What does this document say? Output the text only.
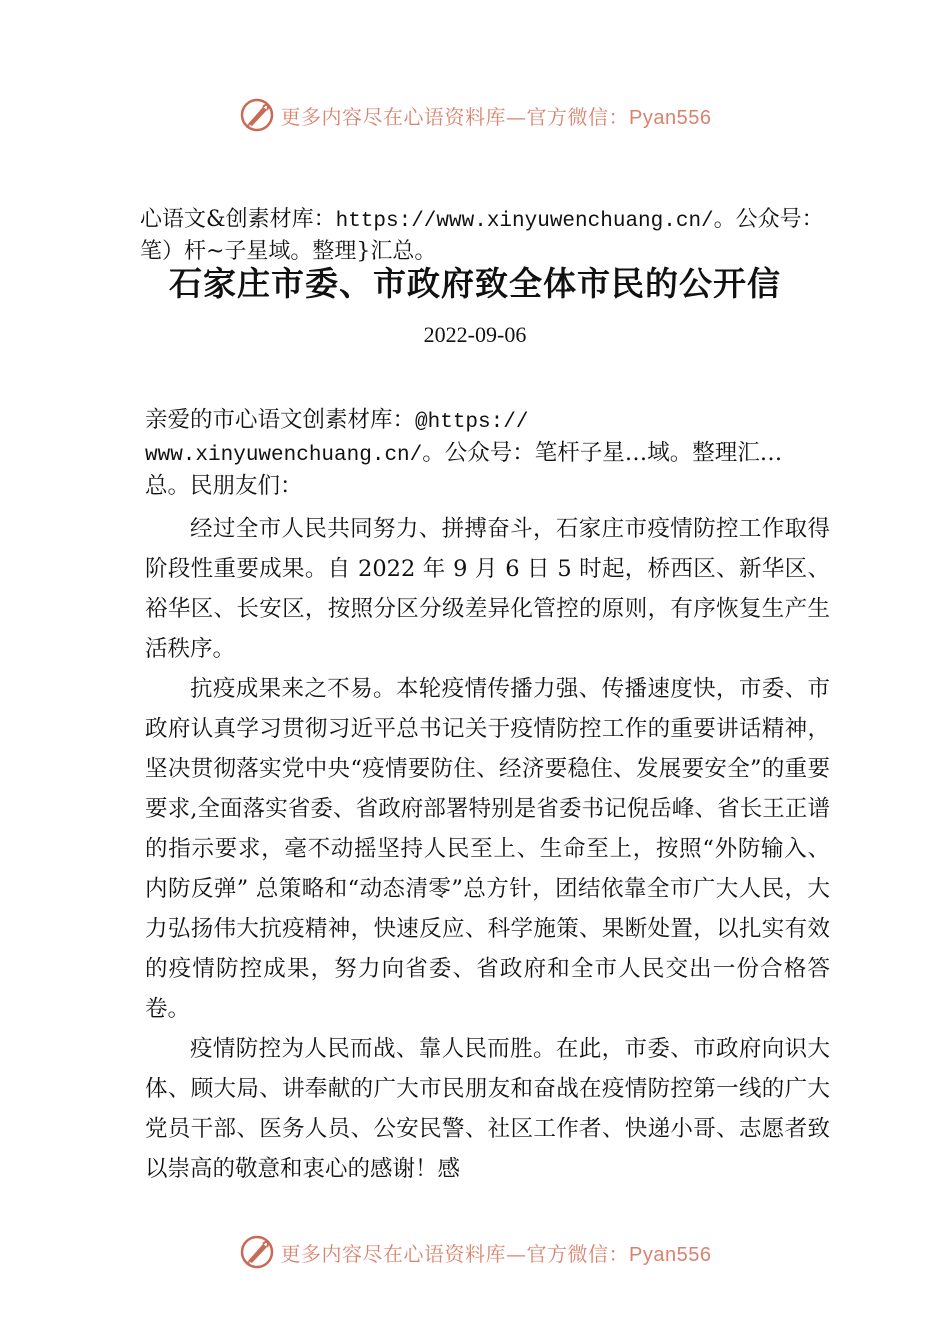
更多内容尽在心语资料库—官方微信：Pyan556
心语文&创素材库：https://www.xinyuwenchuang.cn/。公众号：笔）杆~子星域。整理}汇总。
石家庄市委、市政府致全体市民的公开信
2022-09-06
亲爱的市心语文创素材库：@https://
www.xinyuwenchuang.cn/。公众号：笔杆子星…域。整理汇…
总。民朋友们：

经过全市人民共同努力、拼搏奋斗，石家庄市疫情防控工作取得阶段性重要成果。自 2022 年 9 月 6 日 5 时起，桥西区、新华区、裕华区、长安区，按照分区分级差异化管控的原则，有序恢复生产生活秩序。

抗疫成果来之不易。本轮疫情传播力强、传播速度快，市委、市政府认真学习贯彻习近平总书记关于疫情防控工作的重要讲话精神，坚决贯彻落实党中央“疫情要防住、经济要稳住、发展要安全”的重要要求,全面落实省委、省政府部署特别是省委书记倪岳峰、省长王正谱的指示要求，毫不动摇坚持人民至上、生命至上，按照“外防输入、内防反弹” 总策略和“动态清零”总方针，团结依靠全市广大人民，大力弘扬伟大抗疫精神，快速反应、科学施策、果断处置，以扎实有效的疫情防控成果，努力向省委、省政府和全市人民交出一份合格答卷。

疫情防控为人民而战、靠人民而胜。在此，市委、市政府向识大体、顾大局、讲奉献的广大市民朋友和奋战在疫情防控第一线的广大党员干部、医务人员、公安民警、社区工作者、快递小哥、志愿者致以崇高的敬意和衷心的感谢！感

更多内容尽在心语资料库—官方微信：Pyan556
